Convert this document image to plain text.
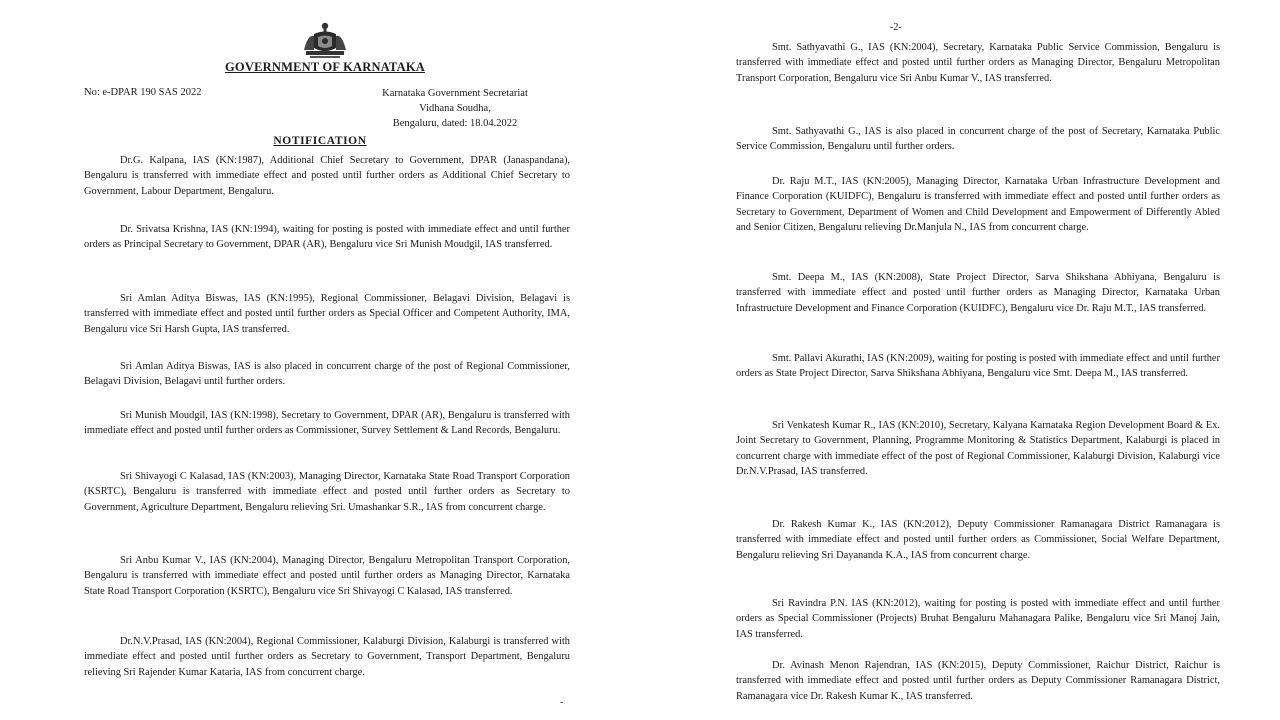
GOVERNMENT OF KARNATAKA
No: e-DPAR 190 SAS 2022	Karnataka Government Secretariat
Vidhana Soudha,
Bengaluru, dated: 18.04.2022
NOTIFICATION

Dr.G. Kalpana, IAS (KN:1987), Additional Chief Secretary to Government, DPAR (Janaspandana), Bengaluru is transferred with immediate effect and posted until further orders as Additional Chief Secretary to Government, Labour Department, Bengaluru.

Dr. Srivatsa Krishna, IAS (KN:1994), waiting for posting is posted with immediate effect and until further orders as Principal Secretary to Government, DPAR (AR), Bengaluru vice Sri Munish Moudgil, IAS transferred.

Sri Amlan Aditya Biswas, IAS (KN:1995), Regional Commissioner, Belagavi Division, Belagavi is transferred with immediate effect and posted until further orders as Special Officer and Competent Authority, IMA, Bengaluru vice Sri Harsh Gupta, IAS transferred.

Sri Amlan Aditya Biswas, IAS is also placed in concurrent charge of the post of Regional Commissioner, Belagavi Division, Belagavi until further orders.

Sri Munish Moudgil, IAS (KN:1998), Secretary to Government, DPAR (AR), Bengaluru is transferred with immediate effect and posted until further orders as Commissioner, Survey Settlement & Land Records, Bengaluru.

Sri Shivayogi C Kalasad, IAS (KN:2003), Managing Director, Karnataka State Road Transport Corporation (KSRTC), Bengaluru is transferred with immediate effect and posted until further orders as Secretary to Government, Agriculture Department, Bengaluru relieving Sri. Umashankar S.R., IAS from concurrent charge.

Sri Anbu Kumar V., IAS (KN:2004), Managing Director, Bengaluru Metropolitan Transport Corporation, Bengaluru is transferred with immediate effect and posted until further orders as Managing Director, Karnataka State Road Transport Corporation (KSRTC), Bengaluru vice Sri Shivayogi C Kalasad, IAS transferred.

Dr.N.V.Prasad, IAS (KN:2004), Regional Commissioner, Kalaburgi Division, Kalaburgi is transferred with immediate effect and posted until further orders as Secretary to Government, Transport Department, Bengaluru relieving Sri Rajender Kumar Kataria, IAS from concurrent charge.

-
-2-

Smt. Sathyavathi G., IAS (KN:2004), Secretary, Karnataka Public Service Commission, Bengaluru is transferred with immediate effect and posted until further orders as Managing Director, Bengaluru Metropolitan Transport Corporation, Bengaluru vice Sri Anbu Kumar V., IAS transferred.

Smt. Sathyavathi G., IAS is also placed in concurrent charge of the post of Secretary, Karnataka Public Service Commission, Bengaluru until further orders.

Dr. Raju M.T., IAS (KN:2005), Managing Director, Karnataka Urban Infrastructure Development and Finance Corporation (KUIDFC), Bengaluru is transferred with immediate effect and posted until further orders as Secretary to Government, Department of Women and Child Development and Empowerment of Differently Abled and Senior Citizen, Bengaluru relieving Dr.Manjula N., IAS from concurrent charge.

Smt. Deepa M., IAS (KN:2008), State Project Director, Sarva Shikshana Abhiyana, Bengaluru is transferred with immediate effect and posted until further orders as Managing Director, Karnataka Urban Infrastructure Development and Finance Corporation (KUIDFC), Bengaluru vice Dr. Raju M.T., IAS transferred.

Smt. Pallavi Akurathi, IAS (KN:2009), waiting for posting is posted with immediate effect and until further orders as State Project Director, Sarva Shikshana Abhiyana, Bengaluru vice Smt. Deepa M., IAS transferred.

Sri Venkatesh Kumar R., IAS (KN:2010), Secretary, Kalyana Karnataka Region Development Board & Ex. Joint Secretary to Government, Planning, Programme Monitoring & Statistics Department, Kalaburgi is placed in concurrent charge with immediate effect of the post of Regional Commissioner, Kalaburgi Division, Kalaburgi vice Dr.N.V.Prasad, IAS transferred.

Dr. Rakesh Kumar K., IAS (KN:2012), Deputy Commissioner Ramanagara District Ramanagara is transferred with immediate effect and posted until further orders as Commissioner, Social Welfare Department, Bengaluru relieving Sri Dayananda K.A., IAS from concurrent charge.

Sri Ravindra P.N. IAS (KN:2012), waiting for posting is posted with immediate effect and until further orders as Special Commissioner (Projects) Bruhat Bengaluru Mahanagara Palike, Bengaluru vice Sri Manoj Jain, IAS transferred.

Dr. Avinash Menon Rajendran, IAS (KN:2015), Deputy Commissioner, Raichur District, Raichur is transferred with immediate effect and posted until further orders as Deputy Commissioner Ramanagara District, Ramanagara vice Dr. Rakesh Kumar K., IAS transferred.
